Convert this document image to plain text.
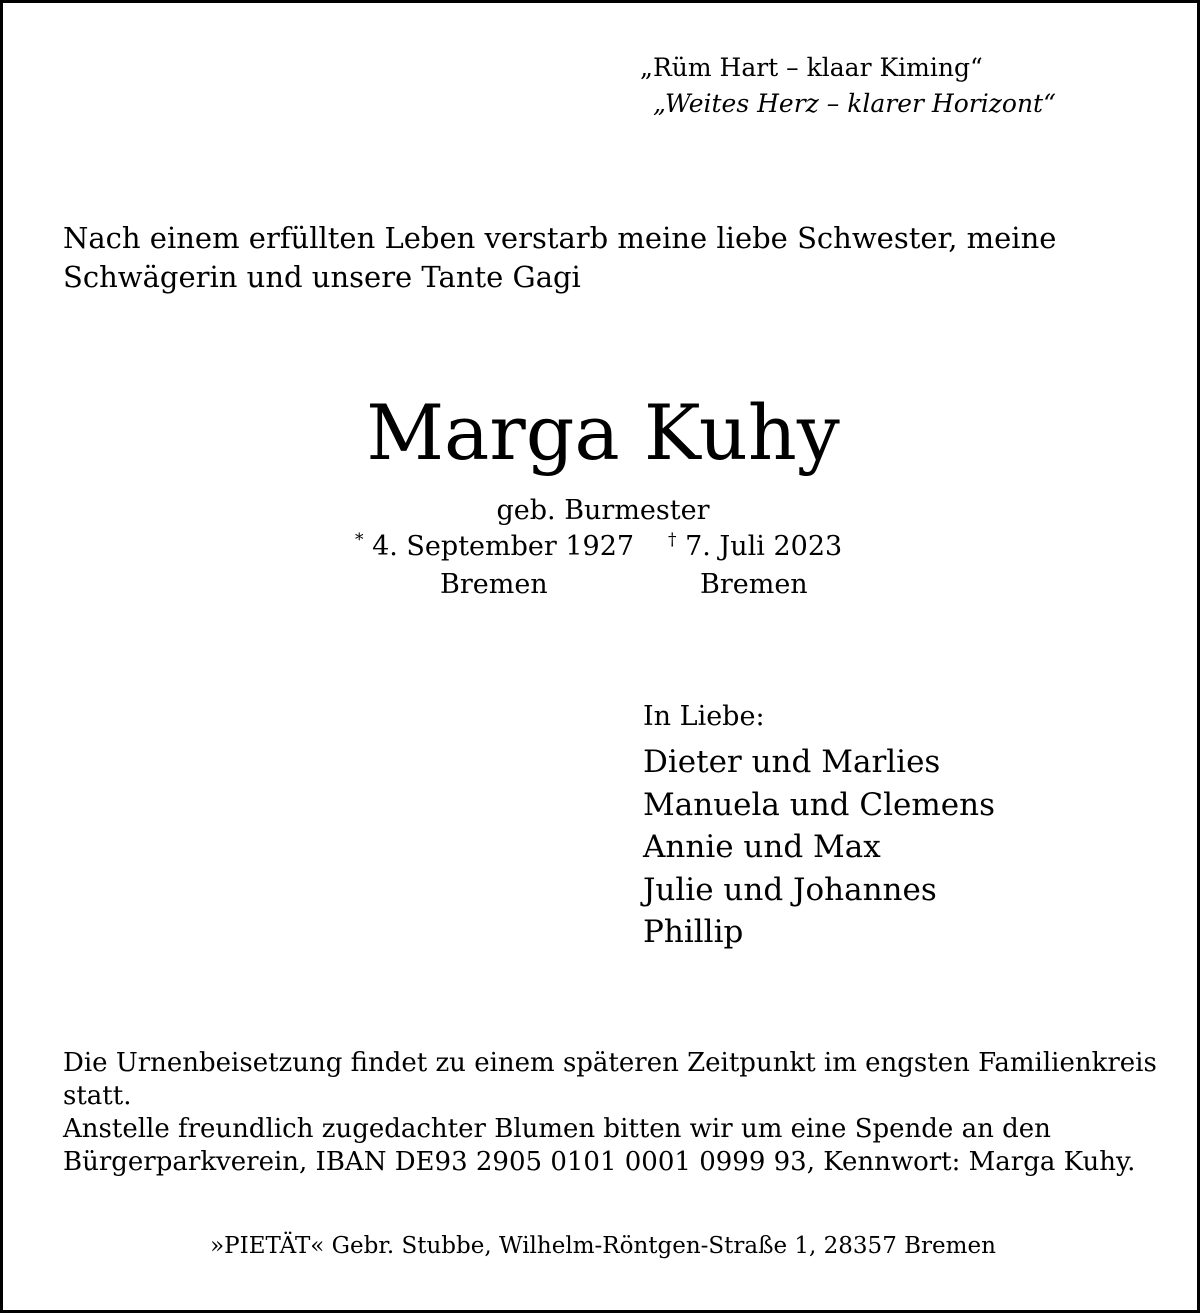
„Rüm Hart – klaar Kiming“
„Weites Herz – klarer Horizont“
Nach einem erfüllten Leben verstarb meine liebe Schwester, meine Schwägerin und unsere Tante Gagi
Marga Kuhy
geb. Burmester
* 4. September 1927 † 7. Juli 2023
Bremen	Bremen
In Liebe:
Dieter und Marlies
Manuela und Clemens
Annie und Max
Julie und Johannes
Phillip

Die Urnenbeisetzung findet zu einem späteren Zeitpunkt im engsten Familienkreis statt.

Anstelle freundlich zugedachter Blumen bitten wir um eine Spende an den Bürgerparkverein, IBAN DE93 2905 0101 0001 0999 93, Kennwort: Marga Kuhy.

»PIETÄT« Gebr. Stubbe, Wilhelm-Röntgen-Straße 1, 28357 Bremen
